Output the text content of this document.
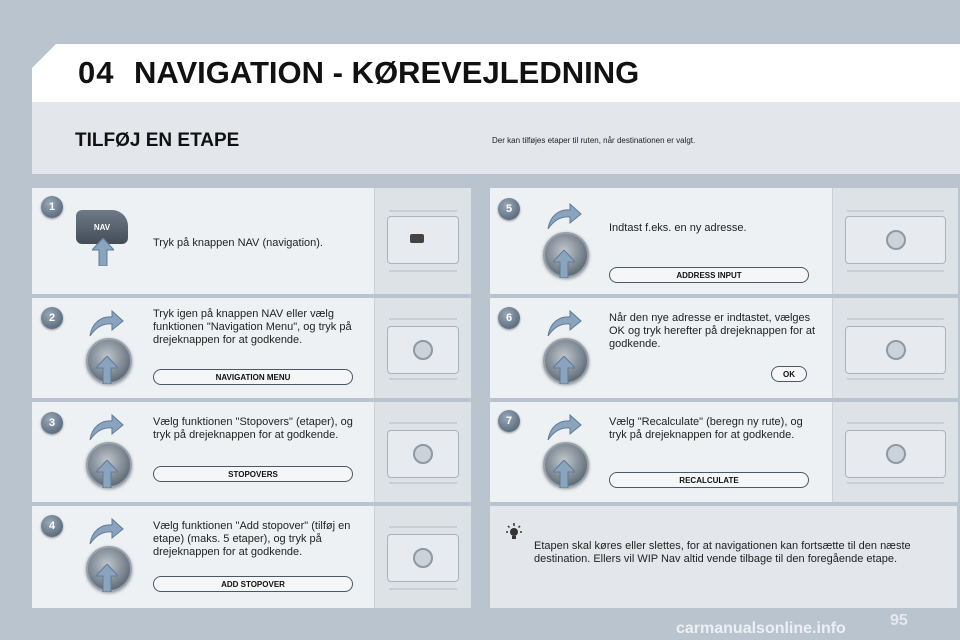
04 NAVIGATION - KØREVEJLEDNING
TILFØJ EN ETAPE	Der kan tilføjes etaper til ruten, når destinationen er valgt.
1
NAV
Tryk på knappen NAV (navigation).
2	Tryk igen på knappen NAV eller vælg funktionen "Navigation Menu", og tryk på drejeknappen for at godkende.
NAVIGATION MENU
3	Vælg funktionen "Stopovers" (etaper), og tryk på drejeknappen for at godkende.
STOPOVERS
4	Vælg funktionen "Add stopover" (tilføj en etape) (maks. 5 etaper), og tryk på drejeknappen for at godkende.
ADD STOPOVER
5
Indtast f.eks. en ny adresse.
ADDRESS INPUT
6	Når den nye adresse er indtastet, vælges OK og tryk herefter på drejeknappen for at godkende.
OK
7	Vælg "Recalculate" (beregn ny rute), og tryk på drejeknappen for at godkende.
RECALCULATE
Etapen skal køres eller slettes, for at navigationen kan fortsætte til den næste destination. Ellers vil WIP Nav altid vende tilbage til den foregående etape.
95
carmanualsonline.info
